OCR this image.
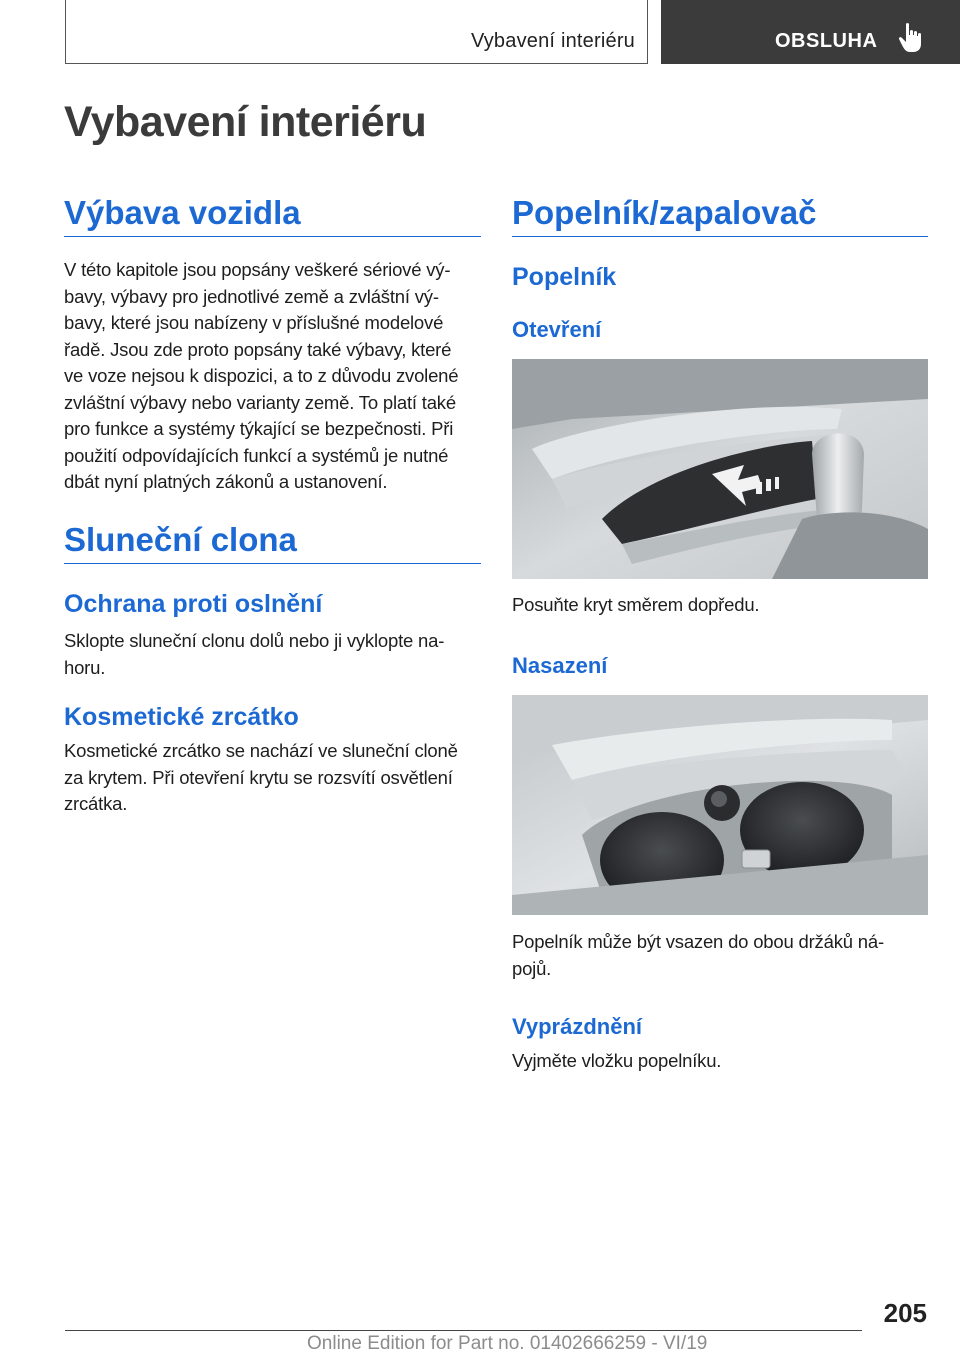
Vybavení interiéru	OBSLUHA
Vybavení interiéru
Výbava vozidla
V této kapitole jsou popsány veškeré sériové vý‐
bavy, výbavy pro jednotlivé země a zvláštní vý‐
bavy, které jsou nabízeny v příslušné modelové
řadě. Jsou zde proto popsány také výbavy, které
ve voze nejsou k dispozici, a to z důvodu zvolené
zvláštní výbavy nebo varianty země. To platí také
pro funkce a systémy týkající se bezpečnosti. Při
použití odpovídajících funkcí a systémů je nutné
dbát nyní platných zákonů a ustanovení.
Sluneční clona
Ochrana proti oslnění
Sklopte sluneční clonu dolů nebo ji vyklopte na‐
horu.
Kosmetické zrcátko
Kosmetické zrcátko se nachází ve sluneční cloně
za krytem. Při otevření krytu se rozsvítí osvětlení
zrcátka.
Popelník/zapalovač
Popelník
Otevření
Posuňte kryt směrem dopředu.
Nasazení
Popelník může být vsazen do obou držáků ná‐
pojů.
Vyprázdnění
Vyjměte vložku popelníku.
205
Online Edition for Part no. 01402666259 - VI/19
